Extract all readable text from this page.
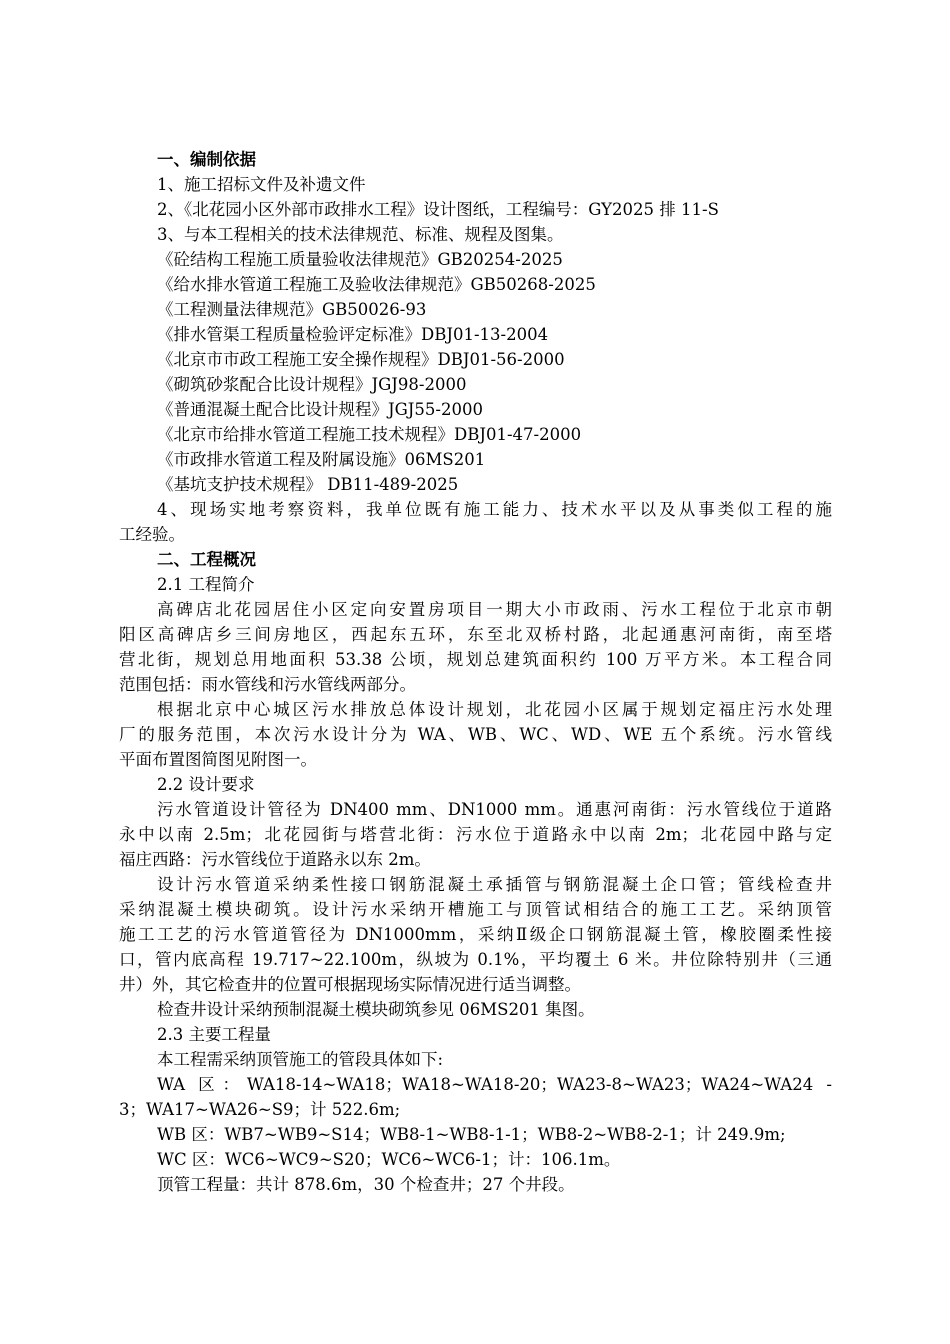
一、编制依据
1、施工招标文件及补遗文件
2、《北花园小区外部市政排水工程》设计图纸，工程编号：GY2025 排 11-S
3、与本工程相关的技术法律规范、标准、规程及图集。
《砼结构工程施工质量验收法律规范》GB20254-2025
《给水排水管道工程施工及验收法律规范》GB50268-2025
《工程测量法律规范》GB50026-93
《排水管渠工程质量检验评定标准》DBJ01-13-2004
《北京市市政工程施工安全操作规程》DBJ01-56-2000
《砌筑砂浆配合比设计规程》JGJ98-2000
《普通混凝土配合比设计规程》JGJ55-2000
《北京市给排水管道工程施工技术规程》DBJ01-47-2000
《市政排水管道工程及附属设施》06MS201
《基坑支护技术规程》 DB11-489-2025
4、现场实地考察资料，我单位既有施工能力、技术水平以及从事类似工程的施
工经验。
二、工程概况
2.1 工程简介
高碑店北花园居住小区定向安置房项目一期大小市政雨、污水工程位于北京市朝
阳区高碑店乡三间房地区，西起东五环，东至北双桥村路，北起通惠河南街，南至塔
营北街，规划总用地面积 53.38 公顷，规划总建筑面积约 100 万平方米。本工程合同
范围包括：雨水管线和污水管线两部分。
根据北京中心城区污水排放总体设计规划，北花园小区属于规划定福庄污水处理
厂的服务范围，本次污水设计分为 WA、WB、WC、WD、WE 五个系统。污水管线
平面布置图简图见附图一。
2.2 设计要求
污水管道设计管径为 DN400 mm、DN1000 mm。通惠河南街：污水管线位于道路
永中以南 2.5m；北花园街与塔营北街：污水位于道路永中以南 2m；北花园中路与定
福庄西路：污水管线位于道路永以东 2m。
设计污水管道采纳柔性接口钢筋混凝土承插管与钢筋混凝土企口管；管线检查井
采纳混凝土模块砌筑。设计污水采纳开槽施工与顶管试相结合的施工工艺。采纳顶管
施工工艺的污水管道管径为 DN1000mm，采纳Ⅱ级企口钢筋混凝土管，橡胶圈柔性接
口，管内底高程 19.717~22.100m，纵坡为 0.1%，平均覆土 6 米。井位除特别井（三通
井）外，其它检查井的位置可根据现场实际情况进行适当调整。
检查井设计采纳预制混凝土模块砌筑参见 06MS201 集图。
2.3 主要工程量
本工程需采纳顶管施工的管段具体如下:
WA 区：WA18-14~WA18；WA18~WA18-20；WA23-8~WA23；WA24~WA24 -
3；WA17~WA26~S9；计 522.6m;
WB 区：WB7~WB9~S14；WB8-1~WB8-1-1；WB8-2~WB8-2-1；计 249.9m;
WC 区：WC6~WC9~S20；WC6~WC6-1；计：106.1m。
顶管工程量：共计 878.6m，30 个检查井；27 个井段。
